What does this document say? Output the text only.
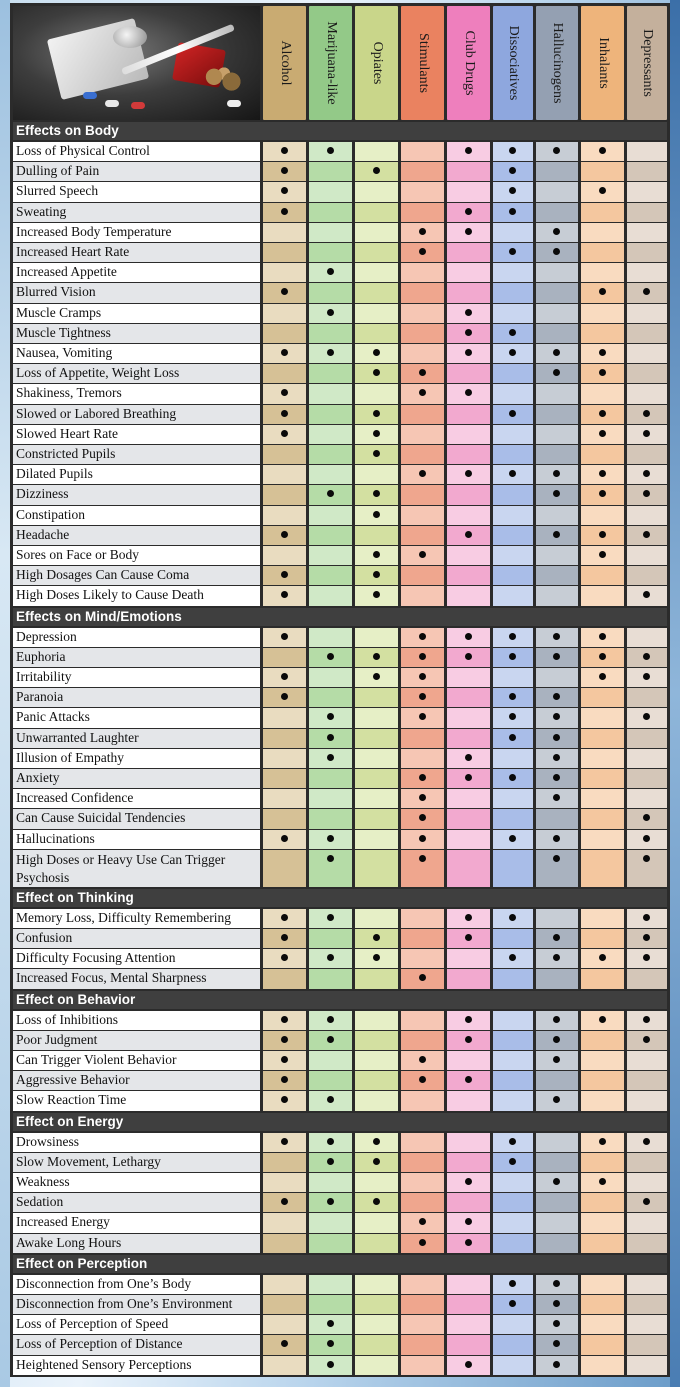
Alcohol Marijuana-like Opiates Stimulants Club Drugs Dissociatives Hallucinogens Inhalants Depressants
Effects on Body
Loss of Physical Control
Dulling of Pain
Slurred Speech
Sweating
Increased Body Temperature
Increased Heart Rate
Increased Appetite
Blurred Vision
Muscle Cramps
Muscle Tightness
Nausea, Vomiting
Loss of Appetite, Weight Loss
Shakiness, Tremors
Slowed or Labored Breathing
Slowed Heart Rate
Constricted Pupils
Dilated Pupils
Dizziness
Constipation
Headache
Sores on Face or Body
High Dosages Can Cause Coma
High Doses Likely to Cause Death
Effects on Mind/Emotions
Depression
Euphoria
Irritability
Paranoia
Panic Attacks
Unwarranted Laughter
Illusion of Empathy
Anxiety
Increased Confidence
Can Cause Suicidal Tendencies
Hallucinations
High Doses or Heavy Use Can Trigger Psychosis
Effect on Thinking
Memory Loss, Difficulty Remembering
Confusion
Difficulty Focusing Attention
Increased Focus, Mental Sharpness
Effect on Behavior
Loss of Inhibitions
Poor Judgment
Can Trigger Violent Behavior
Aggressive Behavior
Slow Reaction Time
Effect on Energy
Drowsiness
Slow Movement, Lethargy
Weakness
Sedation
Increased Energy
Awake Long Hours
Effect on Perception
Disconnection from One’s Body
Disconnection from One’s Environment
Loss of Perception of Speed
Loss of Perception of Distance
Heightened Sensory Perceptions
